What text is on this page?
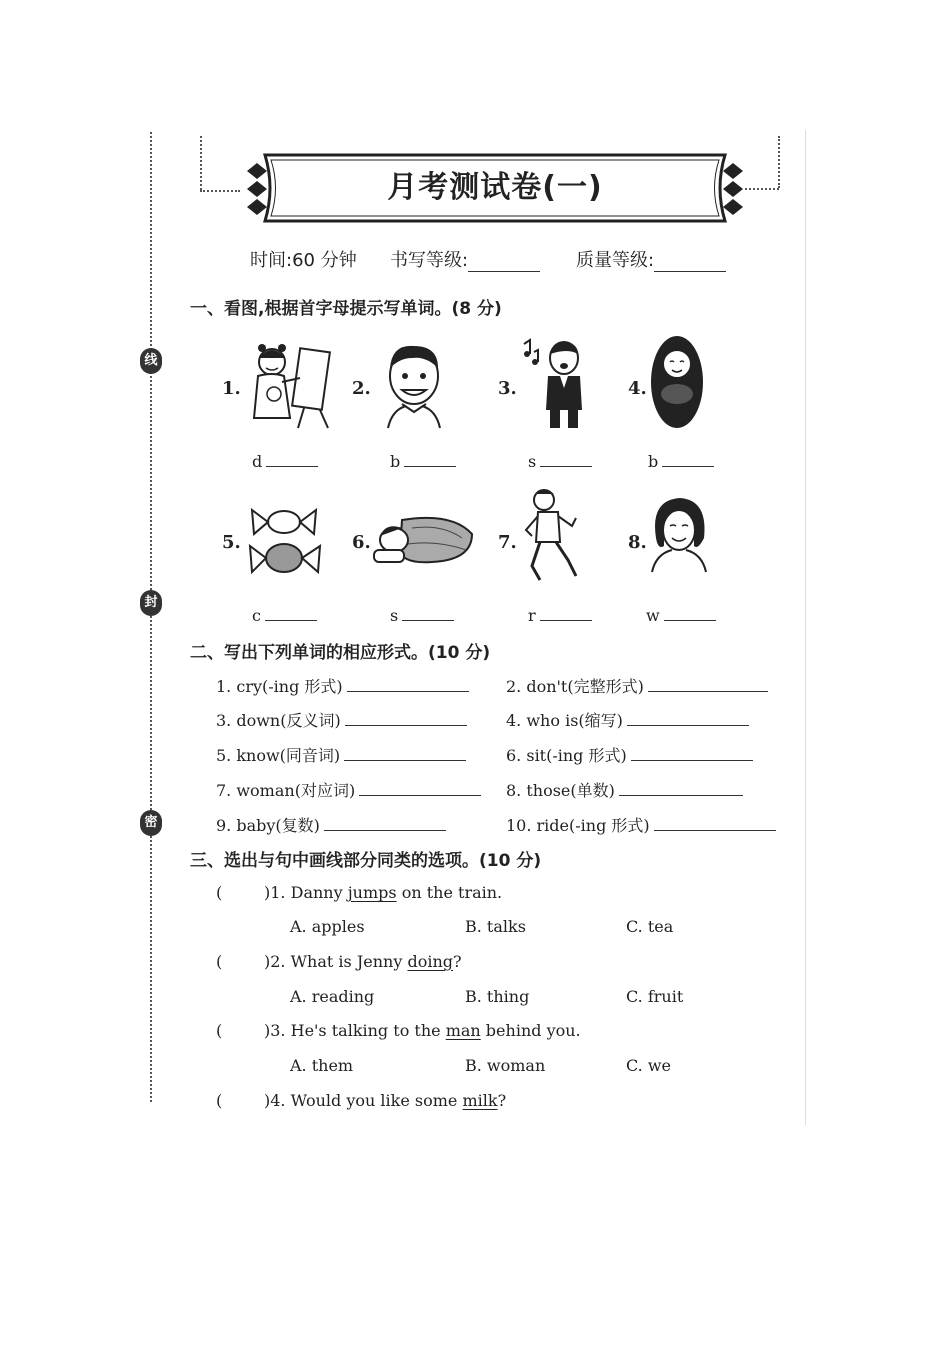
线
封
密
月考测试卷(一)
时间:60 分钟 书写等级:	质量等级:
一、看图,根据首字母提示写单词。(8 分)
1.	2.	3.	4.
d	b	s	b
5.	6.	7.	8.
c	s	r	w
二、写出下列单词的相应形式。(10 分)
1. cry(-ing 形式)	2. don't(完整形式)
3. down(反义词)	4. who is(缩写)
5. know(同音词)	6. sit(-ing 形式)
7. woman(对应词)	8. those(单数)
9. baby(复数)	10. ride(-ing 形式)
三、选出与句中画线部分同类的选项。(10 分)
(	)1. Danny jumps on the train.
A. apples	B. talks	C. tea
(	)2. What is Jenny doing?
A. reading	B. thing	C. fruit
(	)3. He's talking to the man behind you.
A. them	B. woman	C. we
(	)4. Would you like some milk?
